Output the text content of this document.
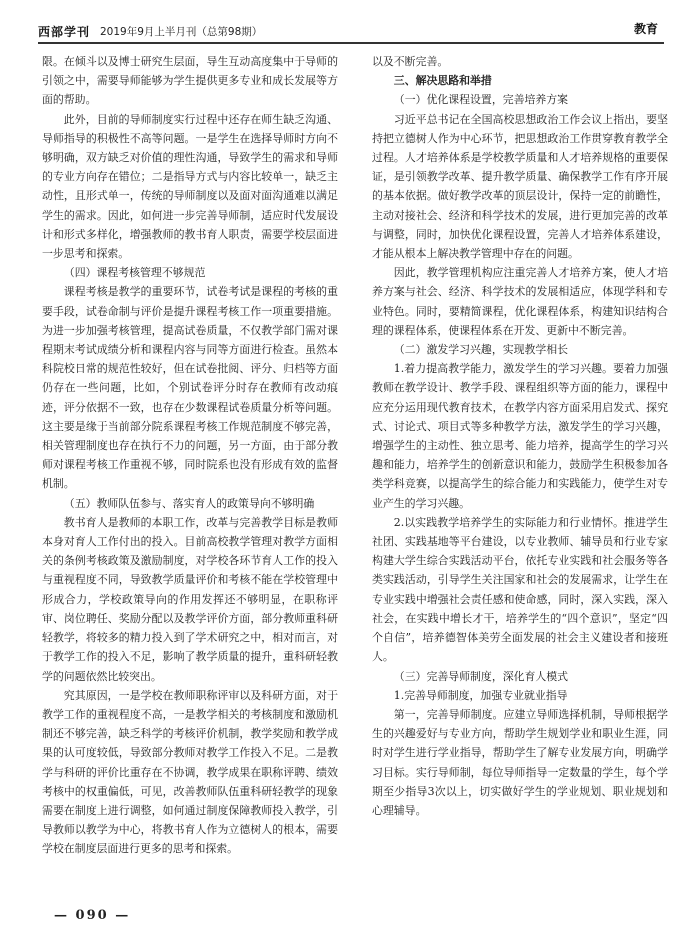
西部学刊 2019年9月上半月刊（总第98期）	教育

限。在倾斗以及博士研究生层面，导生互动高度集中于导师的引领之中，需要导师能够为学生提供更多专业和成长发展等方面的帮助。

此外，目前的导师制度实行过程中还存在师生缺乏沟通、导师指导的积极性不高等问题。一是学生在选择导师时方向不够明确，双方缺乏对价值的理性沟通，导致学生的需求和导师的专业方向存在错位；二是指导方式与内容比较单一，缺乏主动性，且形式单一，传统的导师制度以及面对面沟通难以满足学生的需求。因此，如何进一步完善导师制，适应时代发展设计和形式多样化，增强教师的教书育人职责，需要学校层面进一步思考和探索。

（四）课程考核管理不够规范

课程考核是教学的重要环节，试卷考试是课程的考核的重要手段，试卷命制与评价是提升课程考核工作一项重要措施。为进一步加强考核管理，提高试卷质量，不仅教学部门需对课程期末考试成绩分析和课程内容与同等方面进行检查。虽然本科院校日常的规范性较好，但在试卷批阅、评分、归档等方面仍存在一些问题，比如，个别试卷评分时存在教师有改动痕迹，评分依据不一致，也存在少数课程试卷质量分析等问题。这主要是缘于当前部分院系课程考核工作规范制度不够完善，相关管理制度也存在执行不力的问题，另一方面，由于部分教师对课程考核工作重视不够，同时院系也没有形成有效的监督机制。

（五）教师队伍参与、落实育人的政策导向不够明确

教书育人是教师的本职工作，改革与完善教学目标是教师本身对育人工作付出的投入。目前高校教学管理对教学方面相关的条例考核政策及激励制度，对学校各环节育人工作的投入与重视程度不同，导致教学质量评价和考核不能在学校管理中形成合力，学校政策导向的作用发挥还不够明显，在职称评审、岗位聘任、奖励分配以及教学评价方面，部分教师重科研轻教学，将较多的精力投入到了学术研究之中，相对而言，对于教学工作的投入不足，影响了教学质量的提升，重科研轻教学的问题依然比较突出。

究其原因，一是学校在教师职称评审以及科研方面，对于教学工作的重视程度不高，一是教学相关的考核制度和激励机制还不够完善，缺乏科学的考核评价机制，教学奖励和教学成果的认可度较低，导致部分教师对教学工作投入不足。二是教学与科研的评价比重存在不协调，教学成果在职称评聘、绩效考核中的权重偏低，可见，改善教师队伍重科研轻教学的现象需要在制度上进行调整，如何通过制度保障教师投入教学，引导教师以教学为中心，将教书育人作为立德树人的根本，需要学校在制度层面进行更多的思考和探索。

以及不断完善。

三、解决思路和举措
（一）优化课程设置，完善培养方案

习近平总书记在全国高校思想政治工作会议上指出，要坚持把立德树人作为中心环节，把思想政治工作贯穿教育教学全过程。人才培养体系是学校教学质量和人才培养规格的重要保证，是引领教学改革、提升教学质量、确保教学工作有序开展的基本依据。做好教学改革的顶层设计，保持一定的前瞻性，主动对接社会、经济和科学技术的发展，进行更加完善的改革与调整，同时，加快优化课程设置，完善人才培养体系建设，才能从根本上解决教学管理中存在的问题。

因此，教学管理机构应注重完善人才培养方案，使人才培养方案与社会、经济、科学技术的发展相适应，体现学科和专业特色。同时，要精简课程，优化课程体系，构建知识结构合理的课程体系，使课程体系在开发、更新中不断完善。

（二）激发学习兴趣，实现教学相长

1.着力提高教学能力，激发学生的学习兴趣。要着力加强教师在教学设计、教学手段、课程组织等方面的能力，课程中应充分运用现代教育技术，在教学内容方面采用启发式、探究式、讨论式、项目式等多种教学方法，激发学生的学习兴趣，增强学生的主动性、独立思考、能力培养，提高学生的学习兴趣和能力，培养学生的创新意识和能力，鼓励学生积极参加各类学科竞赛，以提高学生的综合能力和实践能力，使学生对专业产生的学习兴趣。

2.以实践教学培养学生的实际能力和行业情怀。推进学生社团、实践基地等平台建设，以专业教师、辅导员和行业专家构建大学生综合实践活动平台，依托专业实践和社会服务等各类实践活动，引导学生关注国家和社会的发展需求，让学生在专业实践中增强社会责任感和使命感，同时，深入实践，深入社会，在实践中增长才干，培养学生的“四个意识”，坚定“四个自信”，培养德智体美劳全面发展的社会主义建设者和接班人。

（三）完善导师制度，深化育人模式

1.完善导师制度，加强专业就业指导

第一，完善导师制度。应建立导师选择机制，导师根据学生的兴趣爱好与专业方向，帮助学生规划学业和职业生涯，同时对学生进行学业指导，帮助学生了解专业发展方向，明确学习目标。实行导师制，每位导师指导一定数量的学生，每个学期至少指导3次以上，切实做好学生的学业规划、职业规划和心理辅导。

— 090 —
